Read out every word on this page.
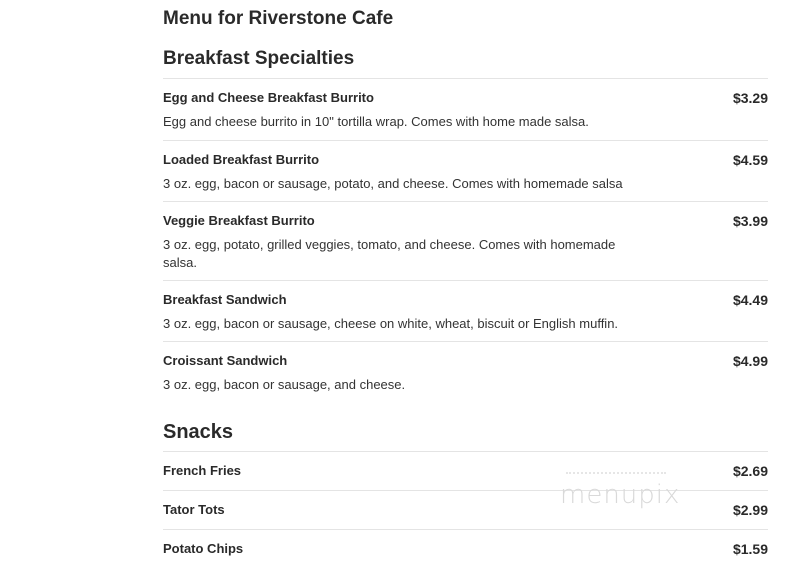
Menu for Riverstone Cafe
Breakfast Specialties
Egg and Cheese Breakfast Burrito	$3.29
Egg and cheese burrito in 10" tortilla wrap. Comes with home made salsa.
Loaded Breakfast Burrito	$4.59
3 oz. egg, bacon or sausage, potato, and cheese. Comes with homemade salsa
Veggie Breakfast Burrito	$3.99
3 oz. egg, potato, grilled veggies, tomato, and cheese. Comes with homemade salsa.
Breakfast Sandwich	$4.49
3 oz. egg, bacon or sausage, cheese on white, wheat, biscuit or English muffin.
Croissant Sandwich	$4.99
3 oz. egg, bacon or sausage, and cheese.
Snacks
French Fries	$2.69
Tator Tots	$2.99
Potato Chips	$1.59
menupix
